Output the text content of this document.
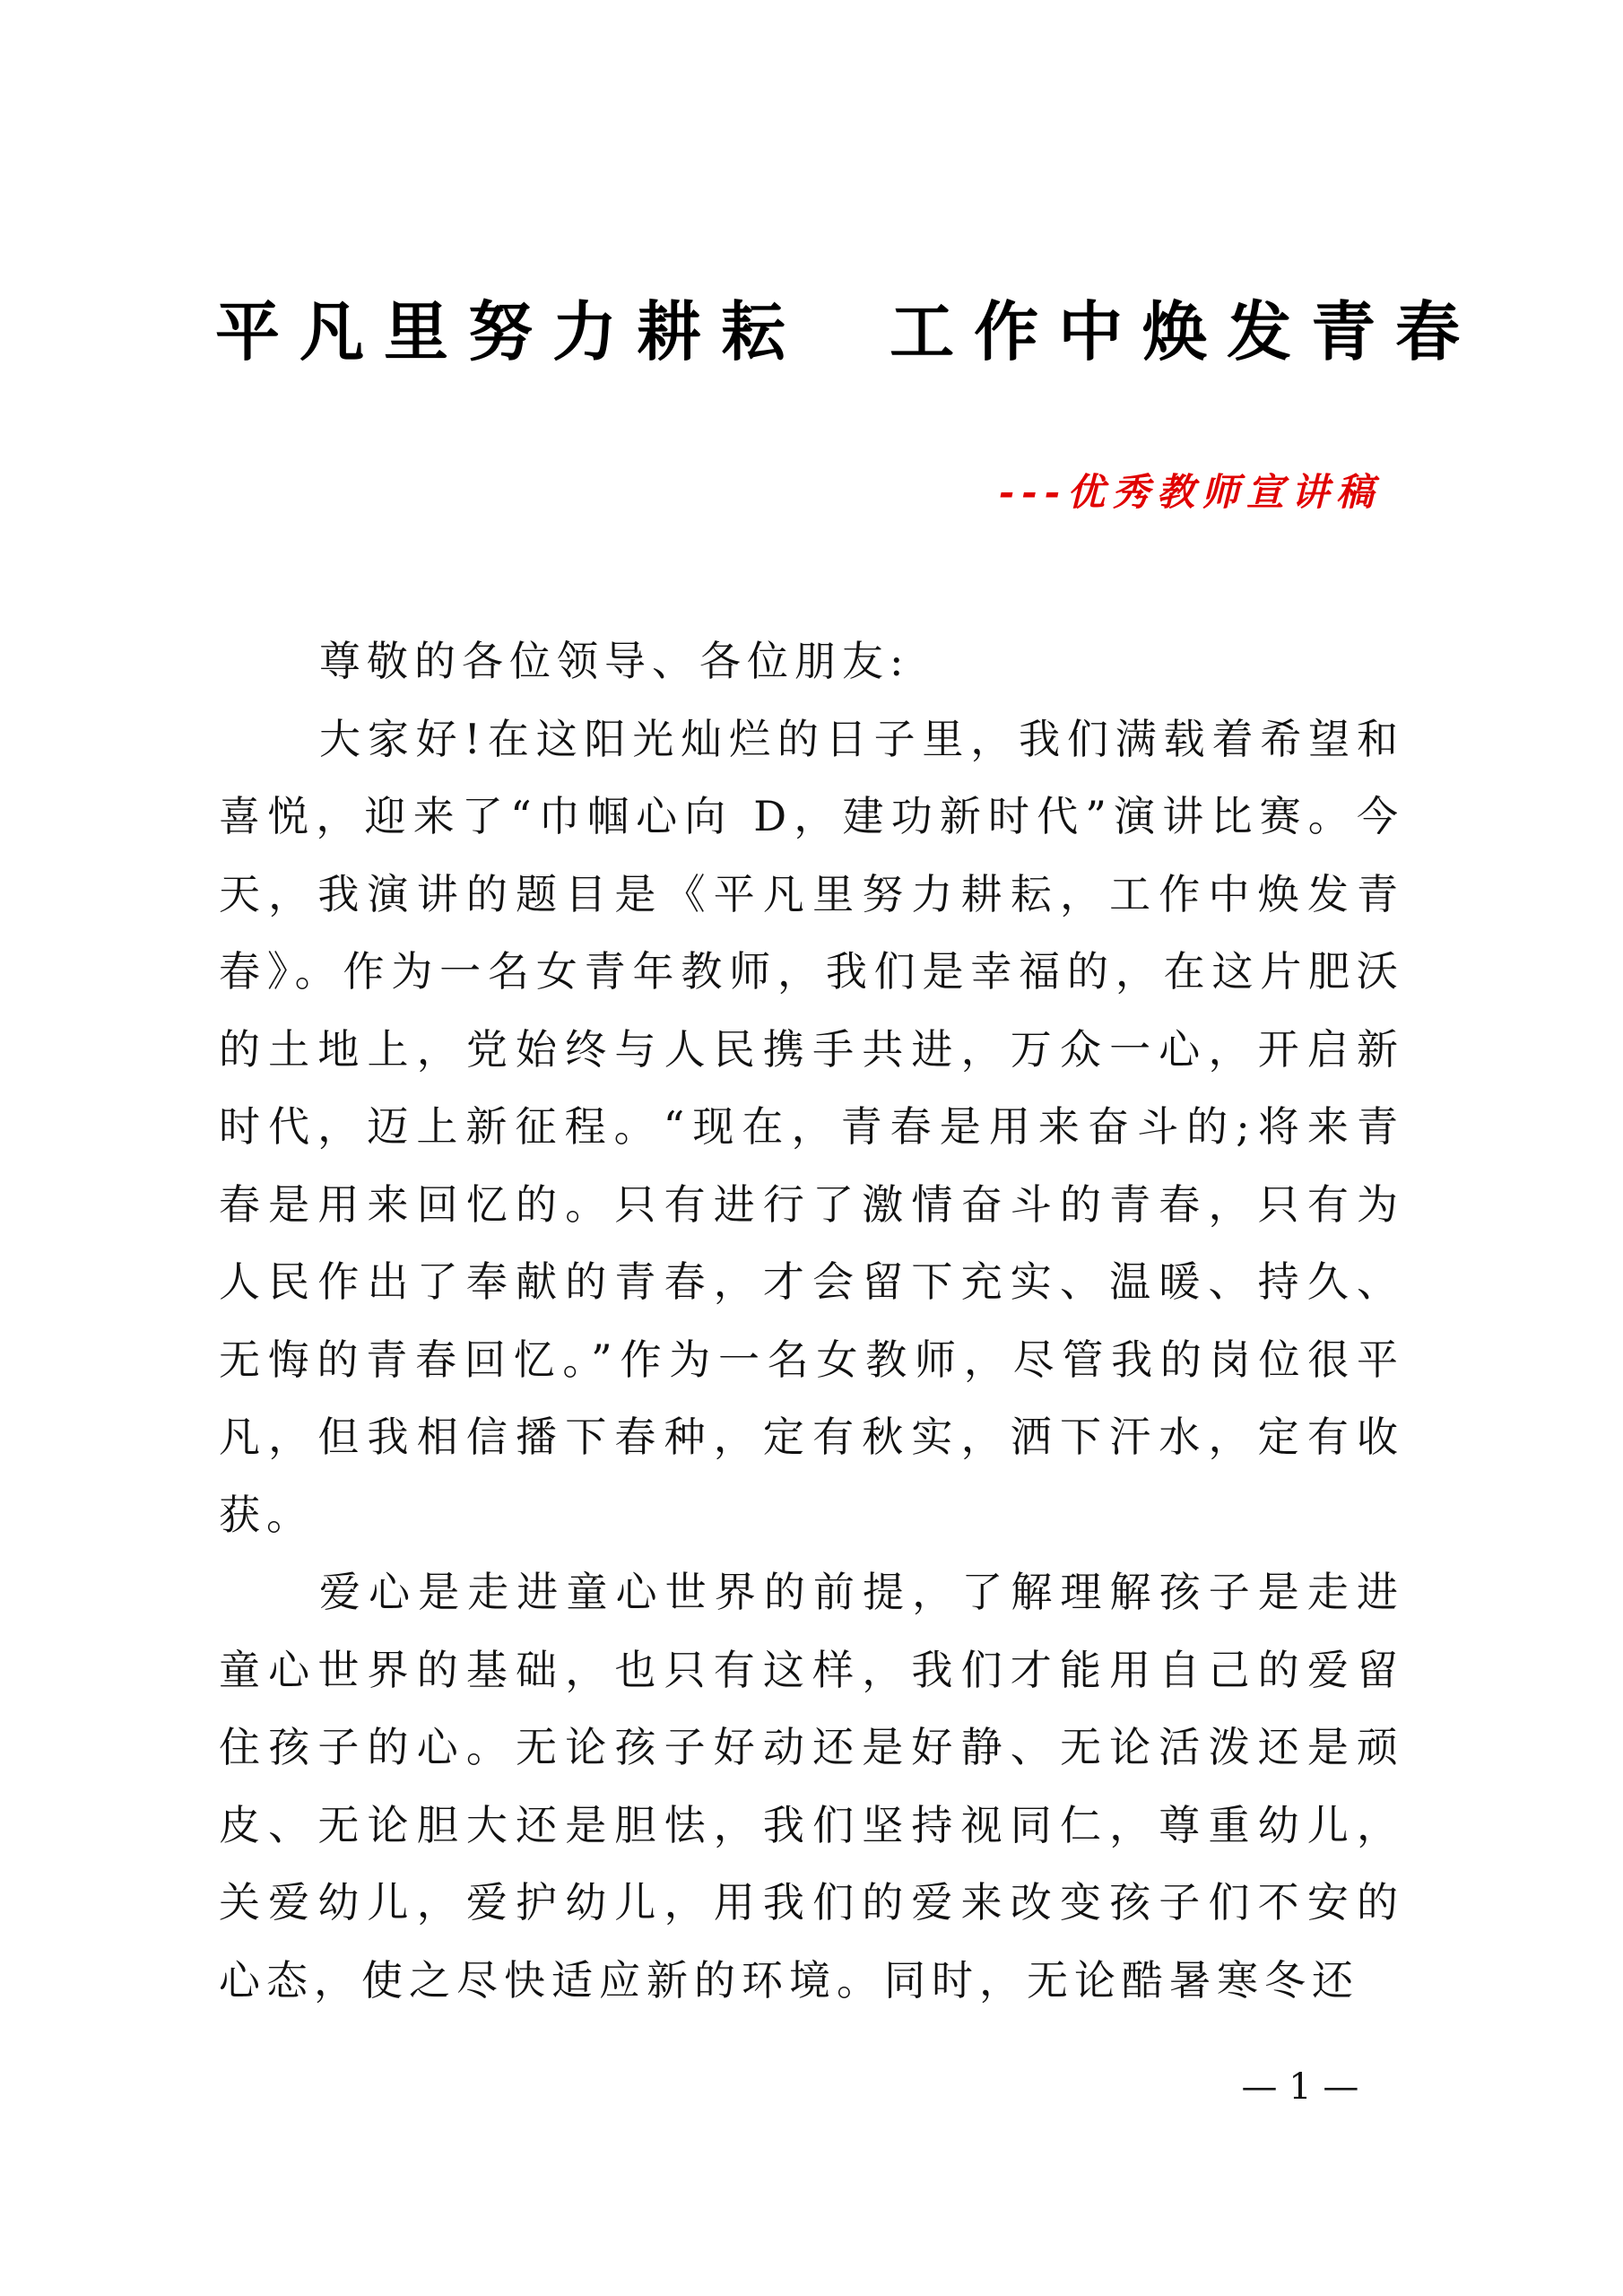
平凡里努力耕耘  工作中焕发青春
---优秀教师宣讲稿

尊敬的各位领导、各位朋友:

大家好!在这阳光灿烂的日子里，我们满载着希望和喜悦，迎来了“巾帼心向 D，建功新时代”演讲比赛。今天，我演讲的题目是《平凡里努力耕耘，工作中焕发青春》。作为一名女青年教师，我们是幸福的，在这片肥沃的土地上，党始终与人民携手共进，万众一心，开启新时代，迈上新征程。“现在，青春是用来奋斗的;将来青春是用来回忆的。只有进行了激情奋斗的青春，只有为人民作出了奉献的青春，才会留下充实、温暖、持久、无悔的青春回忆。”作为一名女教师，尽管我的岗位很平凡，但我相信播下春种，定有秋实，洒下汗水，定有收获。

爱心是走进童心世界的前提，了解理解孩子是走进童心世界的基础，也只有这样，我们才能用自己的爱留住孩子的心。无论孩子好动还是好静、无论活泼还是顽皮、无论胆大还是胆怯，我们坚持视同仁，尊重幼儿，关爱幼儿，爱护幼儿，用我们的爱来改变孩子们不安的心态，使之尽快适应新的环境。同时，无论酷暑寒冬还

— 1 —
